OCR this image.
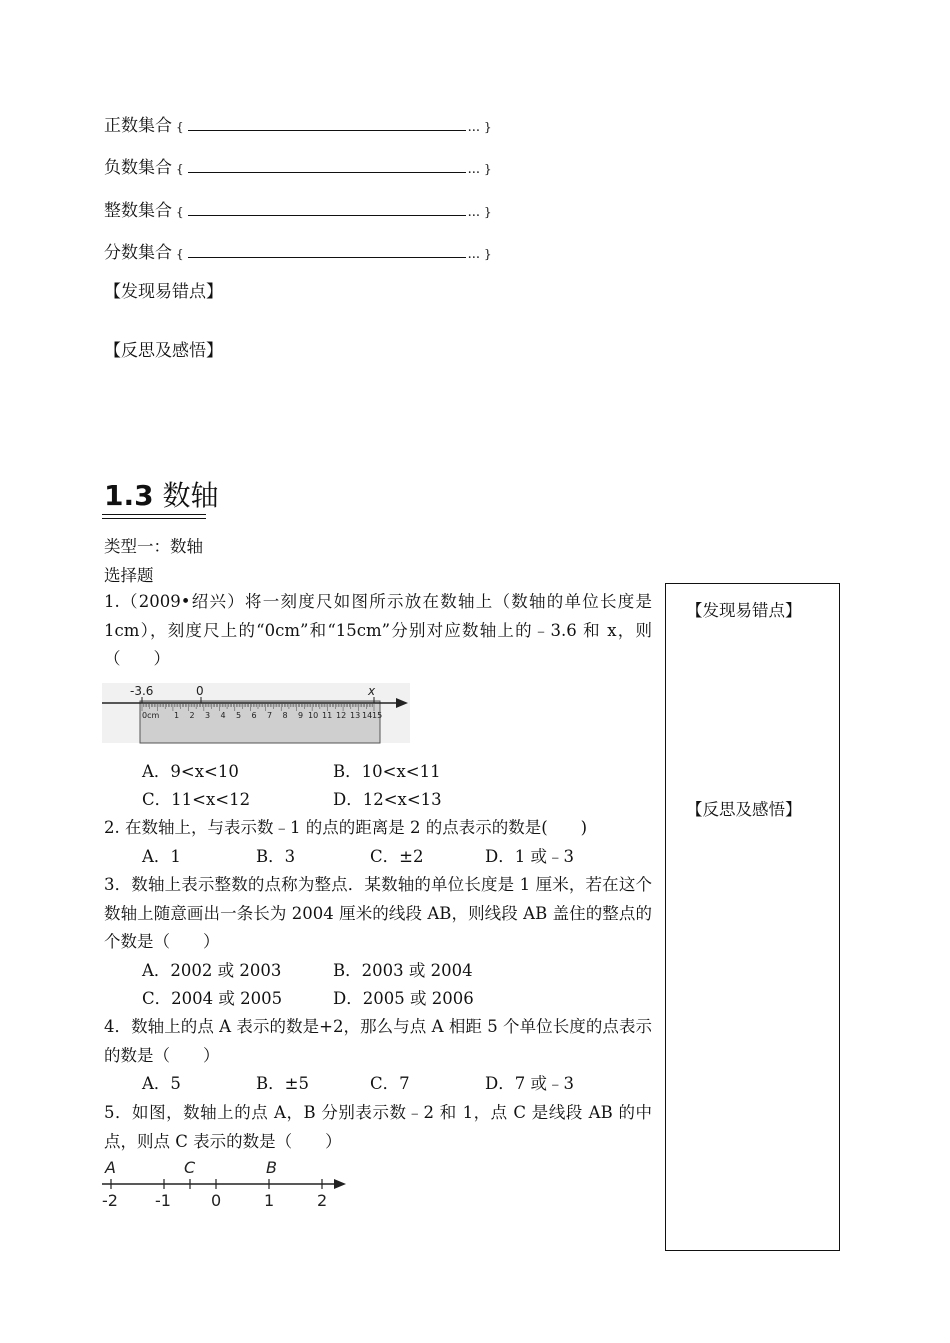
正数集合 {	... }
负数集合 {	... }
整数集合 {	... }
分数集合 {	... }
【发现易错点】
【反思及感悟】
1.3 数轴
类型一：数轴
选择题
1.（2009•绍兴）将一刻度尺如图所示放在数轴上（数轴的单位长度是 1cm），刻度尺上的“0cm”和“15cm”分别对应数轴上的﹣3.6 和 x，则（　　）
-3.6	0	x
0cm 1 2 3 4 5 6 7 8 9 10 11 12 13 14 15
A．9<x<10	B．10<x<11
C．11<x<12	D．12<x<13
2. 在数轴上，与表示数﹣1 的点的距离是 2 的点表示的数是(　　)
A．1	B．3	C．±2	D．1 或﹣3
3．数轴上表示整数的点称为整点．某数轴的单位长度是 1 厘米，若在这个数轴上随意画出一条长为 2004 厘米的线段 AB，则线段 AB 盖住的整点的个数是（　　）
A．2002 或 2003	B．2003 或 2004
C．2004 或 2005	D．2005 或 2006
4．数轴上的点 A 表示的数是+2，那么与点 A 相距 5 个单位长度的点表示的数是（　　）
A．5	B．±5	C．7	D．7 或﹣3
5．如图，数轴上的点 A，B 分别表示数﹣2 和 1，点 C 是线段 AB 的中点，则点 C 表示的数是（　　）
A	C	B
-2 -1	0	1	2
【发现易错点】
【反思及感悟】
